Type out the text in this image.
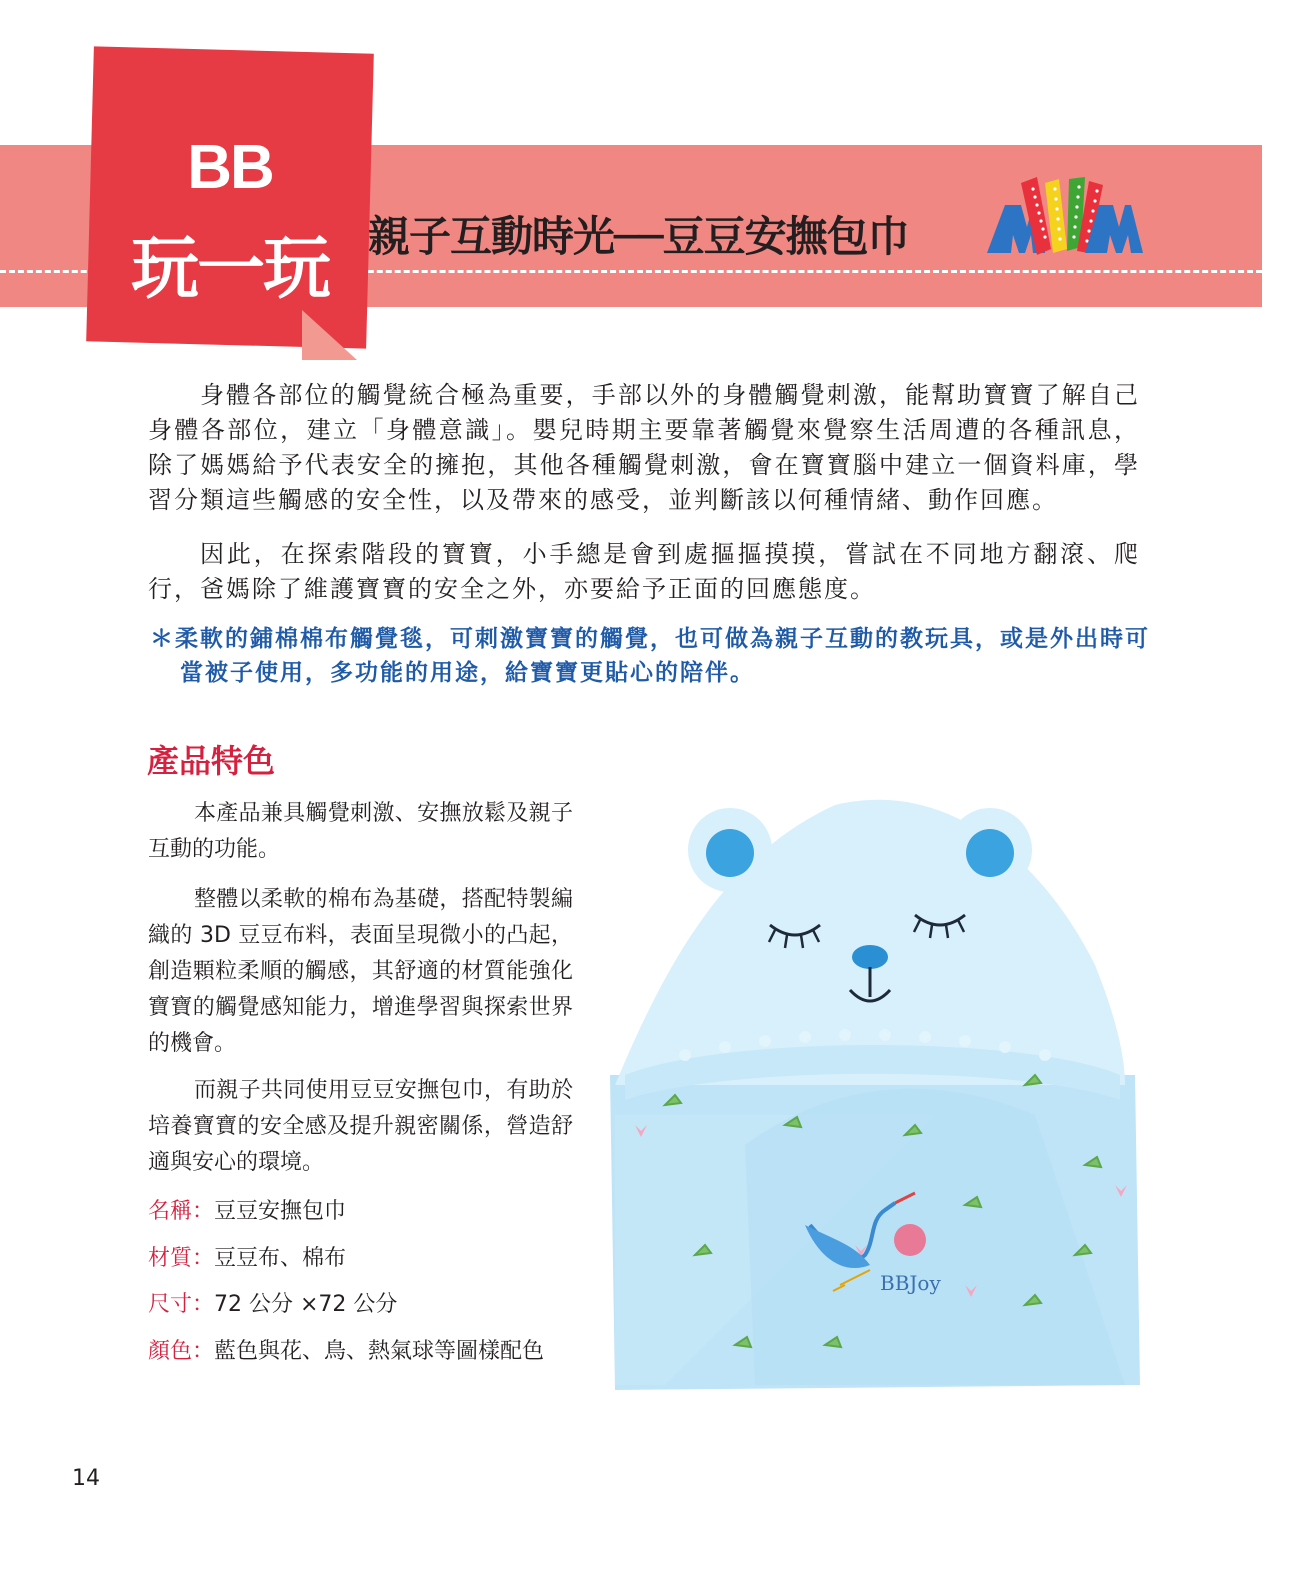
BB
玩一玩 親子互動時光──豆豆安撫包巾

身體各部位的觸覺統合極為重要，手部以外的身體觸覺刺激，能幫助寶寶了解自己身體各部位，建立「身體意識」。嬰兒時期主要靠著觸覺來覺察生活周遭的各種訊息，除了媽媽給予代表安全的擁抱，其他各種觸覺刺激，會在寶寶腦中建立一個資料庫，學習分類這些觸感的安全性，以及帶來的感受，並判斷該以何種情緒、動作回應。

因此，在探索階段的寶寶，小手總是會到處摳摳摸摸，嘗試在不同地方翻滾、爬行，爸媽除了維護寶寶的安全之外，亦要給予正面的回應態度。

＊柔軟的鋪棉棉布觸覺毯，可刺激寶寶的觸覺，也可做為親子互動的教玩具，或是外出時可當被子使用，多功能的用途，給寶寶更貼心的陪伴。

產品特色

本產品兼具觸覺刺激、安撫放鬆及親子互動的功能。

整體以柔軟的棉布為基礎，搭配特製編織的 3D 豆豆布料，表面呈現微小的凸起，創造顆粒柔順的觸感，其舒適的材質能強化寶寶的觸覺感知能力，增進學習與探索世界的機會。

而親子共同使用豆豆安撫包巾，有助於培養寶寶的安全感及提升親密關係，營造舒適與安心的環境。

名稱：豆豆安撫包巾
材質：豆豆布、棉布
尺寸：72 公分 ×72 公分
顏色：藍色與花、鳥、熱氣球等圖樣配色
BBJoy
14
